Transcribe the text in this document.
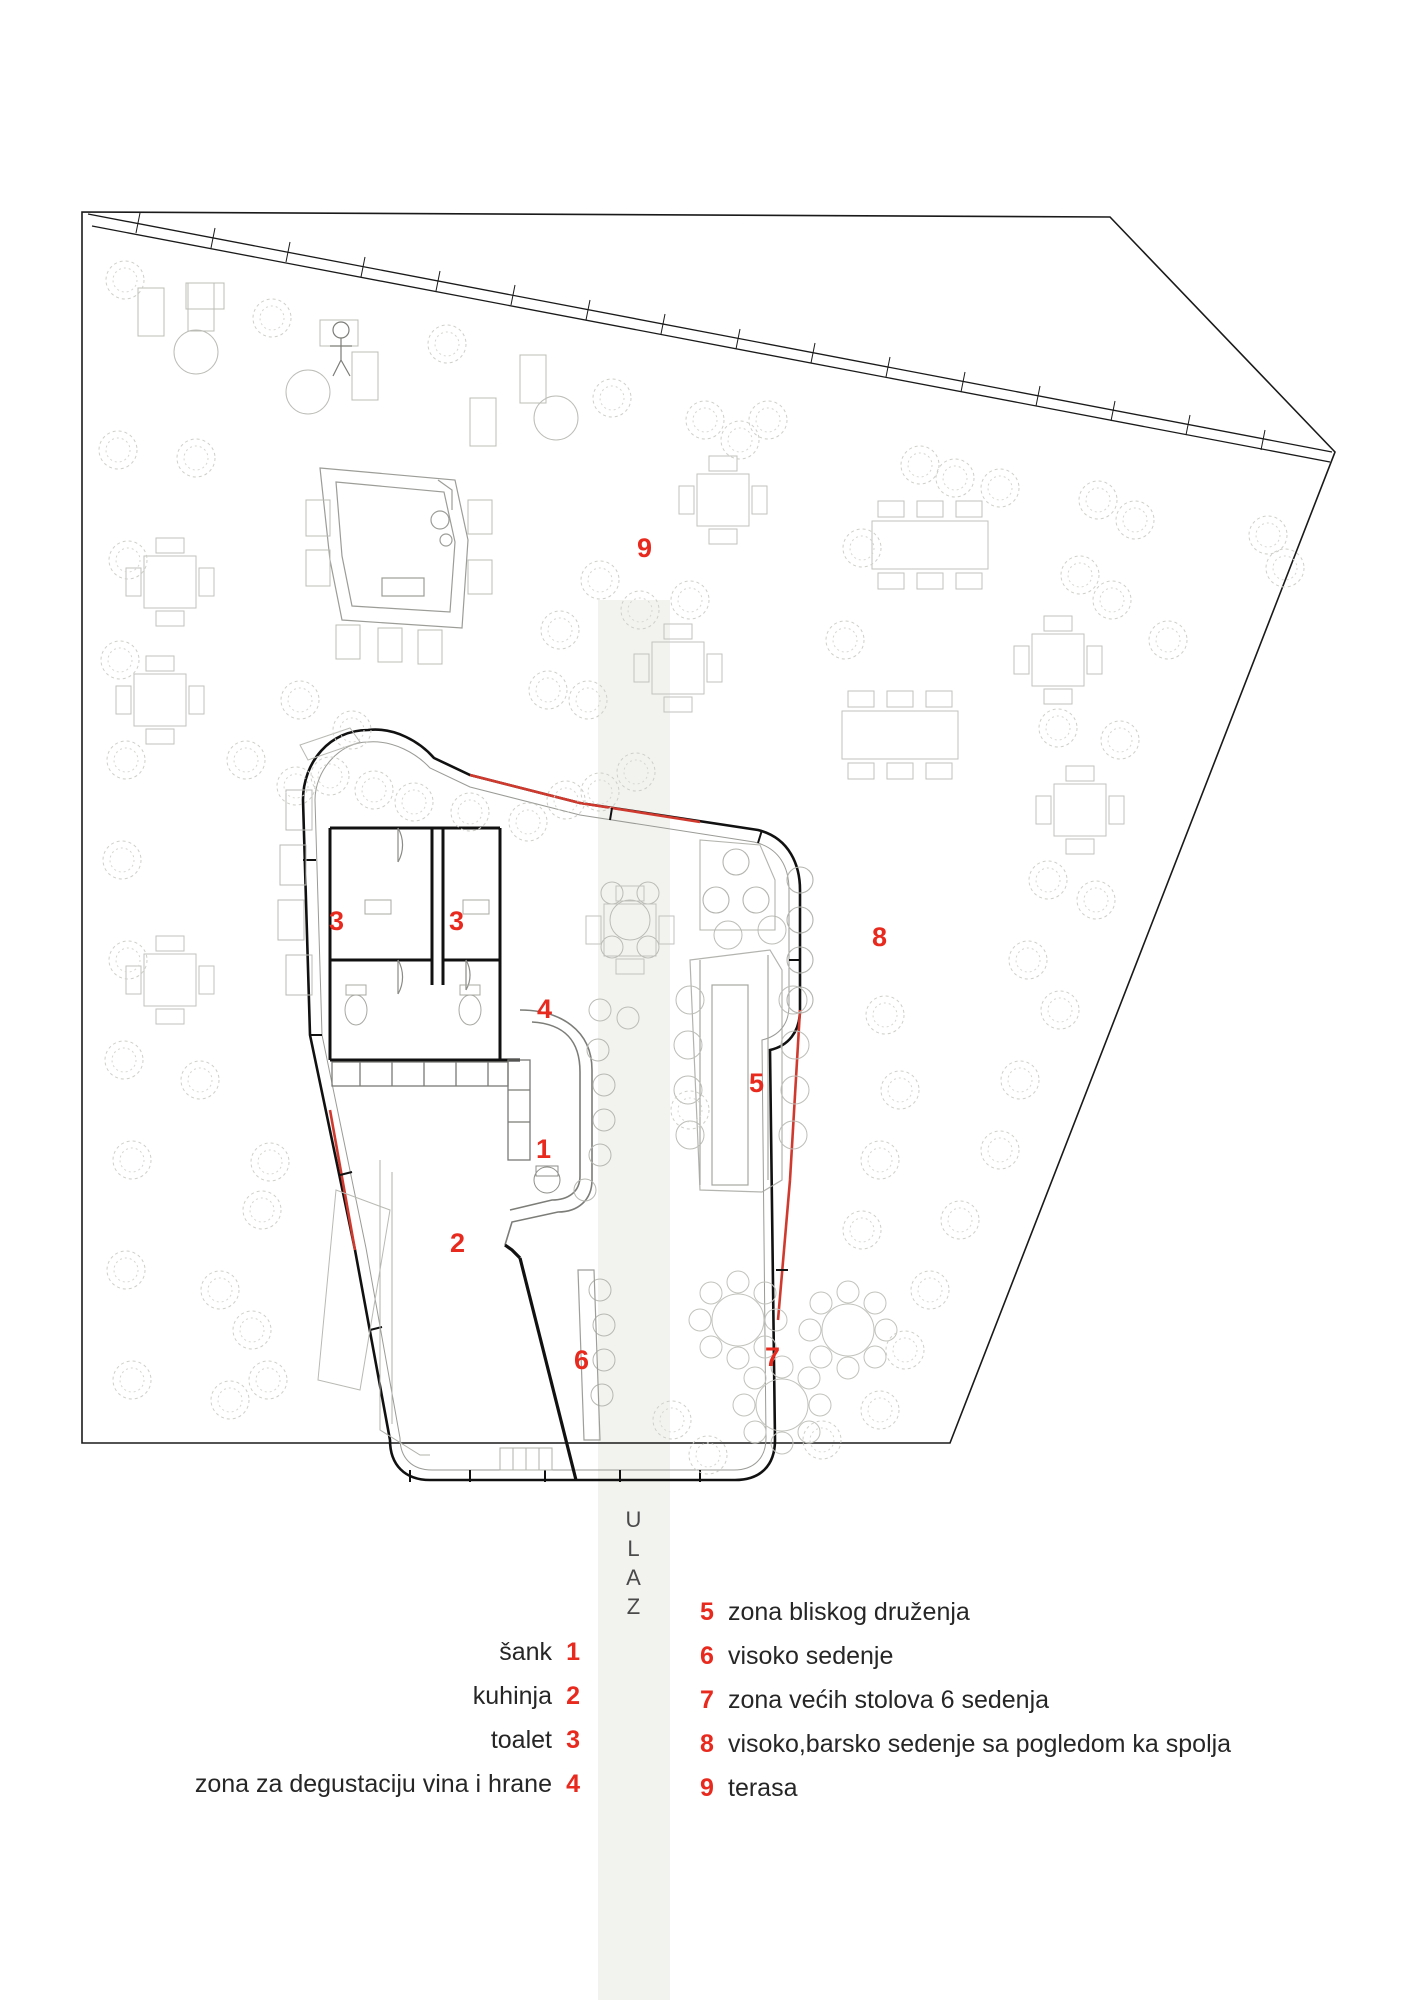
1
2
3	3
4
5
6	7
8
9
U
L
A
Z
šank 1
kuhinja 2
toalet 3
zona za degustaciju vina i hrane 4
5 zona bliskog druženja
6 visoko sedenje
7 zona većih stolova 6 sedenja
8 visoko,barsko sedenje sa pogledom ka spolja
9 terasa
